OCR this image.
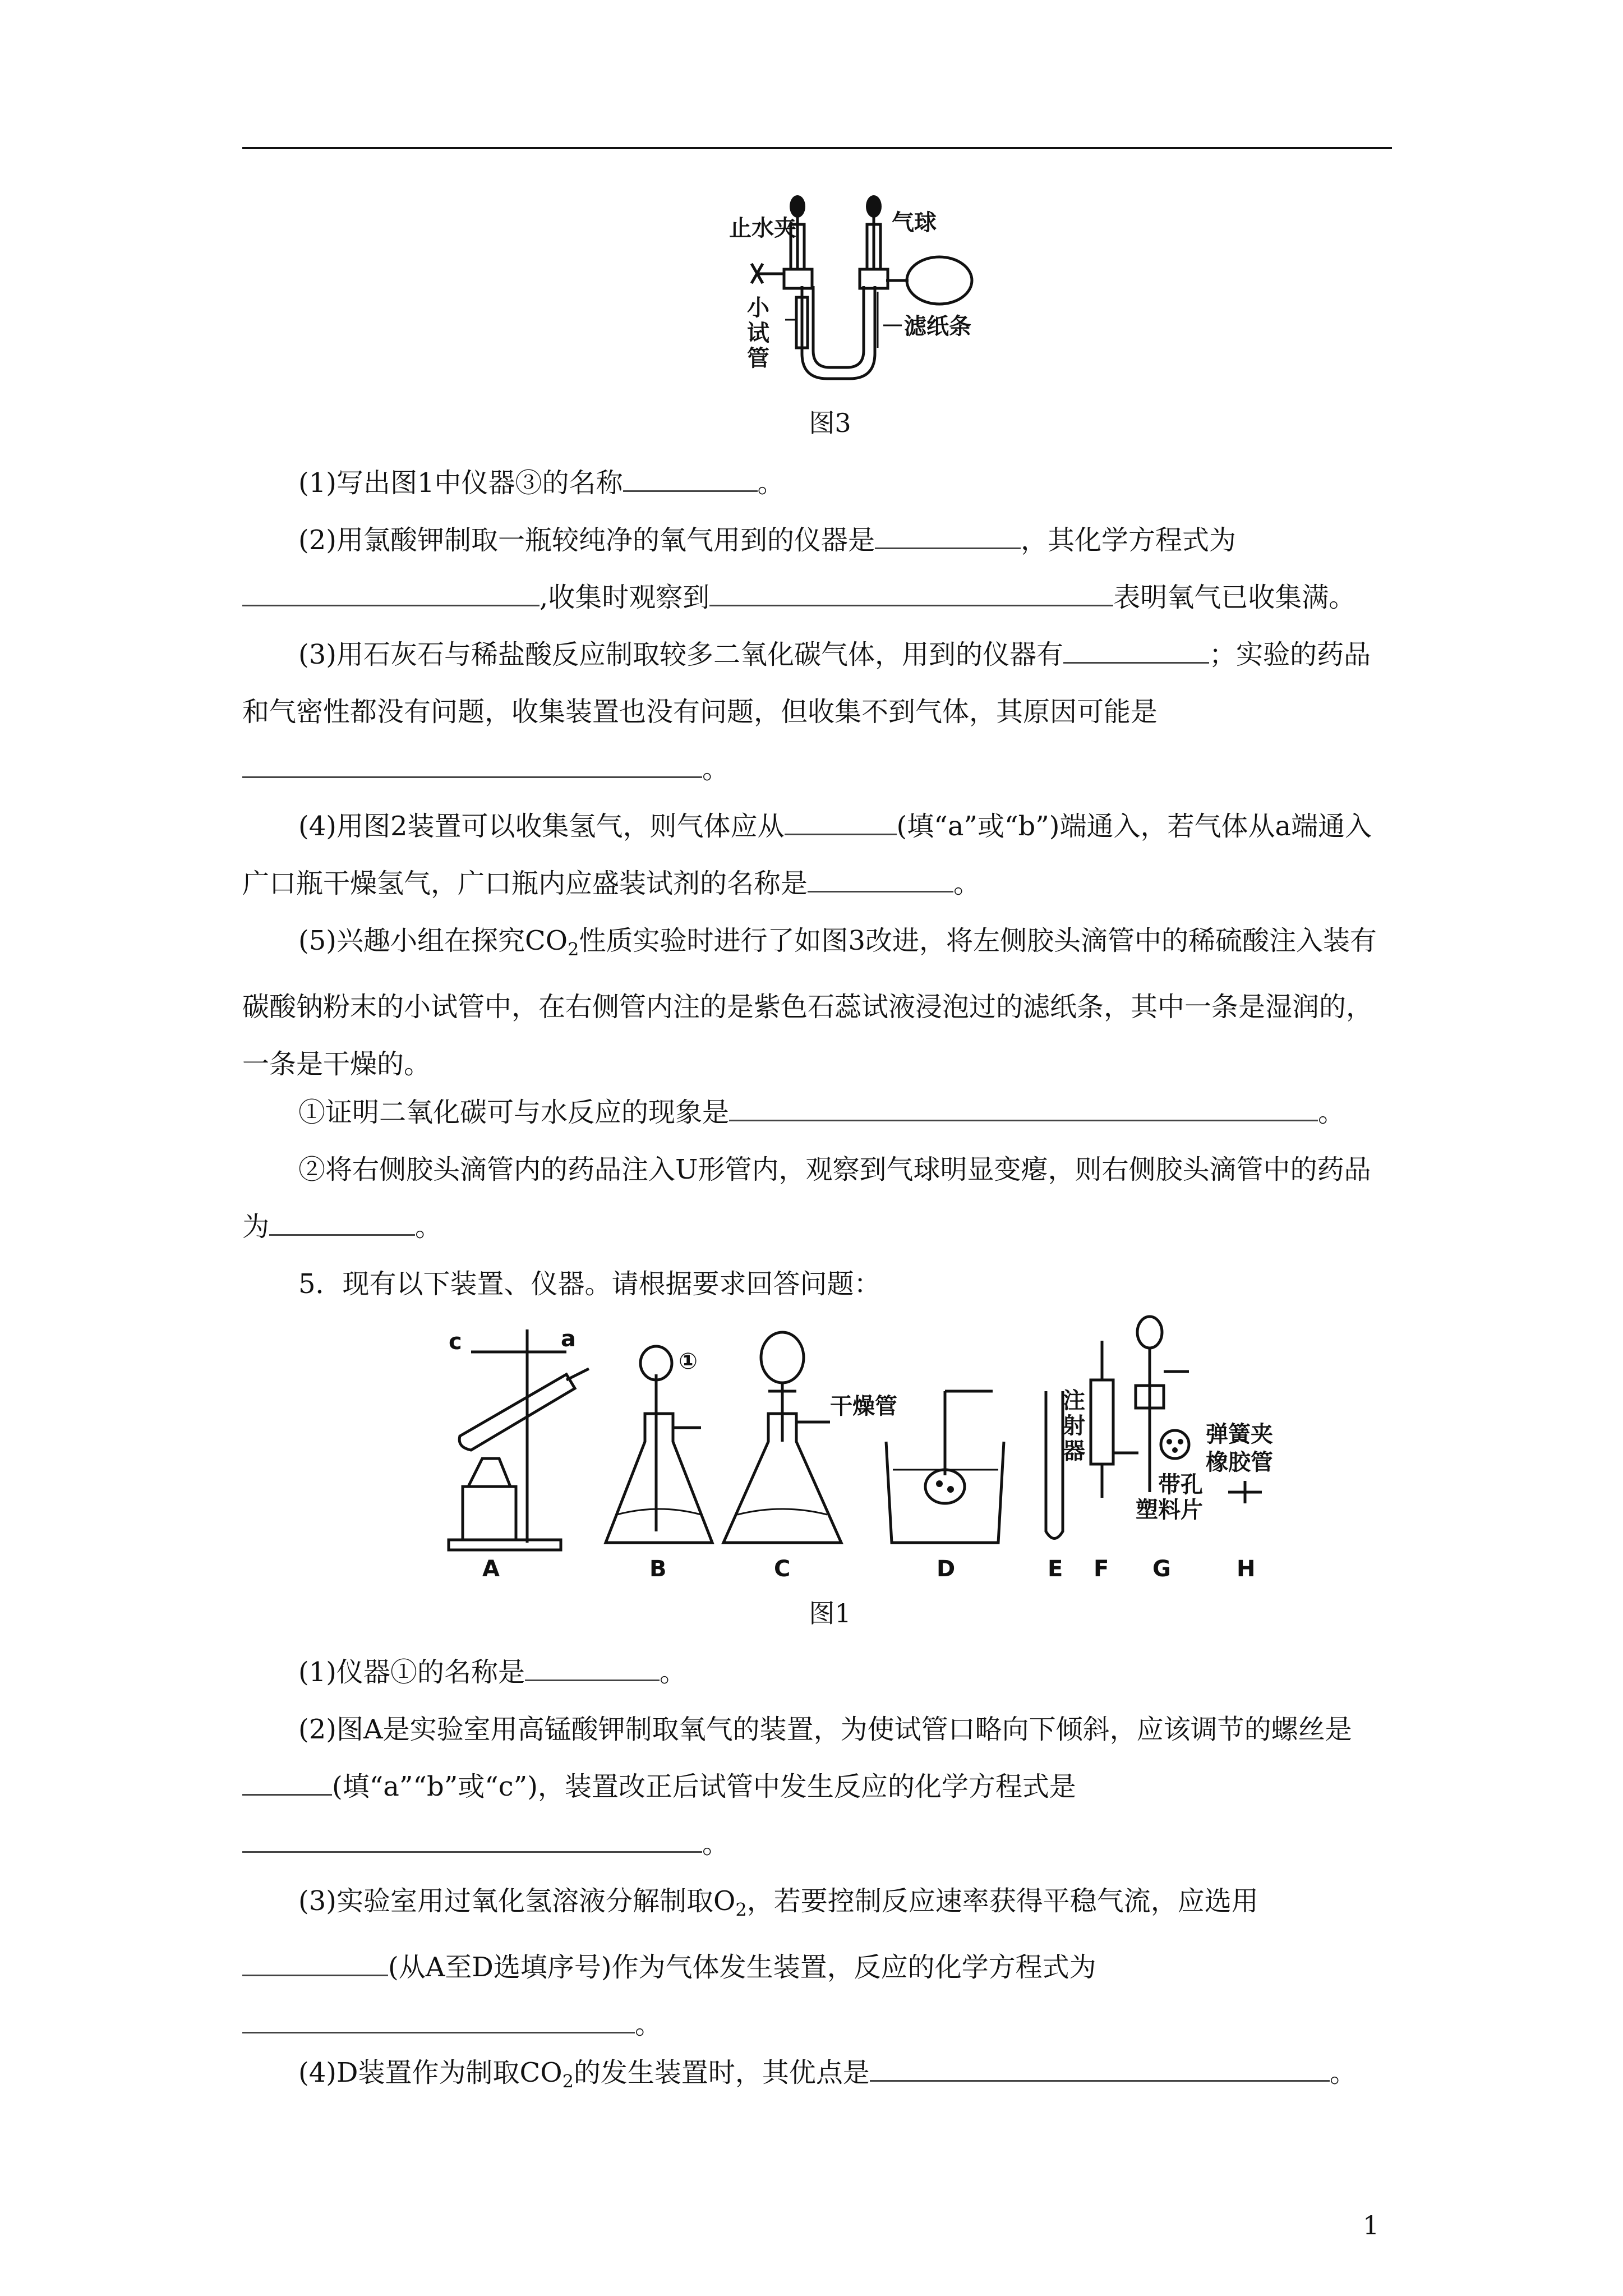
止水夹	气球
小
试
管
滤纸条
图3
(1)写出图1中仪器③的名称	。
(2)用氯酸钾制取一瓶较纯净的氧气用到的仪器是	，其化学方程式为,收集时观察到	表明氧气已收集满。
(3)用石灰石与稀盐酸反应制取较多二氧化碳气体，用到的仪器有	；实验的药品和气密性都没有问题，收集装置也没有问题，但收集不到气体，其原因可能是。
(4)用图2装置可以收集氢气，则气体应从	(填“a”或“b”)端通入，若气体从a端通入广口瓶干燥氢气，广口瓶内应盛装试剂的名称是	。
(5)兴趣小组在探究$CO_2$性质实验时进行了如图3改进，将左侧胶头滴管中的稀硫酸注入装有碳酸钠粉末的小试管中，在右侧管内注的是紫色石蕊试液浸泡过的滤纸条，其中一条是湿润的，一条是干燥的。
①证明二氧化碳可与水反应的现象是	。
②将右侧胶头滴管内的药品注入U形管内，观察到气球明显变瘪，则右侧胶头滴管中的药品为	。
5．现有以下装置、仪器。请根据要求回答问题：
c	a
①
干燥管	注
射
器
带孔
塑料片
弹簧夹
橡胶管
A	B	C	D	E F G	H
图1
(1)仪器①的名称是	。
(2)图A是实验室用高锰酸钾制取氧气的装置，为使试管口略向下倾斜，应该调节的螺丝是(填“a”“b”或“c”)，装置改正后试管中发生反应的化学方程式是。
(3)实验室用过氧化氢溶液分解制取$O_2$，若要控制反应速率获得平稳气流，应选用(从A至D选填序号)作为气体发生装置，反应的化学方程式为。
(4)D装置作为制取$CO_2$的发生装置时，其优点是	。
1
